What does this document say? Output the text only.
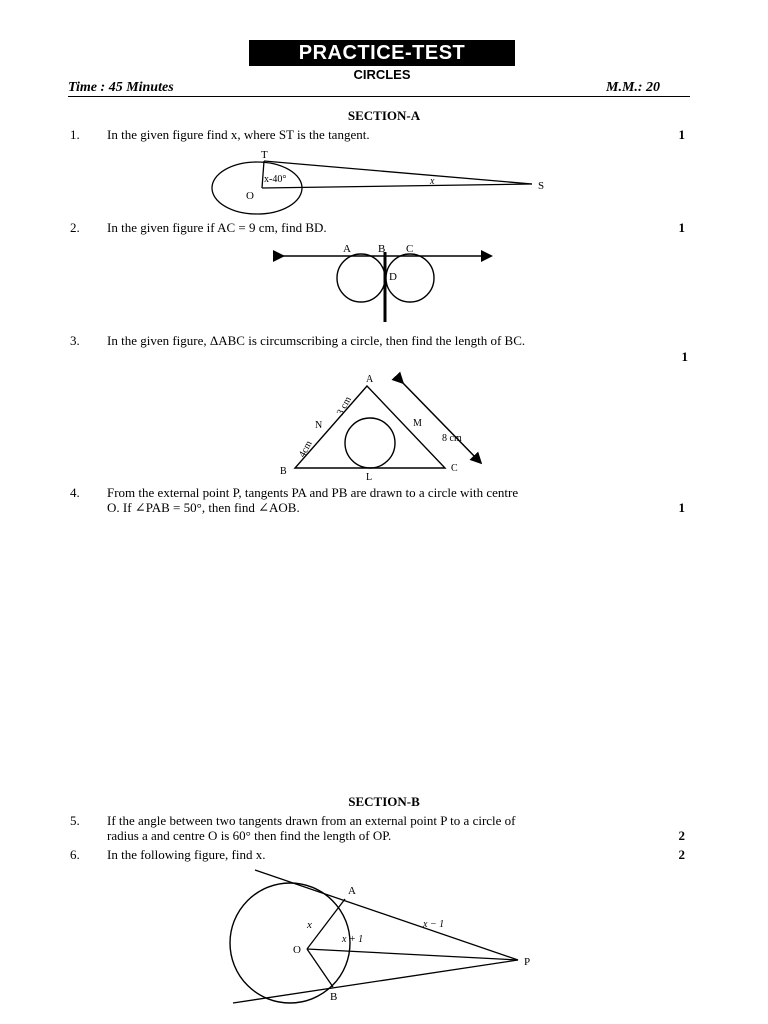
PRACTICE-TEST
CIRCLES
Time : 45 Minutes	M.M.: 20
SECTION-A
1. In the given figure find x, where ST is the tangent.	1
T
O
S
x-40°	x
2. In the given figure if AC = 9 cm, find BD.	1
A B C
D
3. In the given figure, ΔABC is circumscribing a circle, then find the length of BC.
1
A
B	C
N	M
L
3 cm
4cm
8 cm
4. From the external point P, tangents PA and PB are drawn to a circle with centre
O. If ∠PAB = 50°, then find ∠AOB.	1
SECTION-B
5. If the angle between two tangents drawn from an external point P to a circle of
radius a and centre O is 60° then find the length of OP.	2
6. In the following figure, find x.	2
A
O
B
P
x
x + 1
x − 1
